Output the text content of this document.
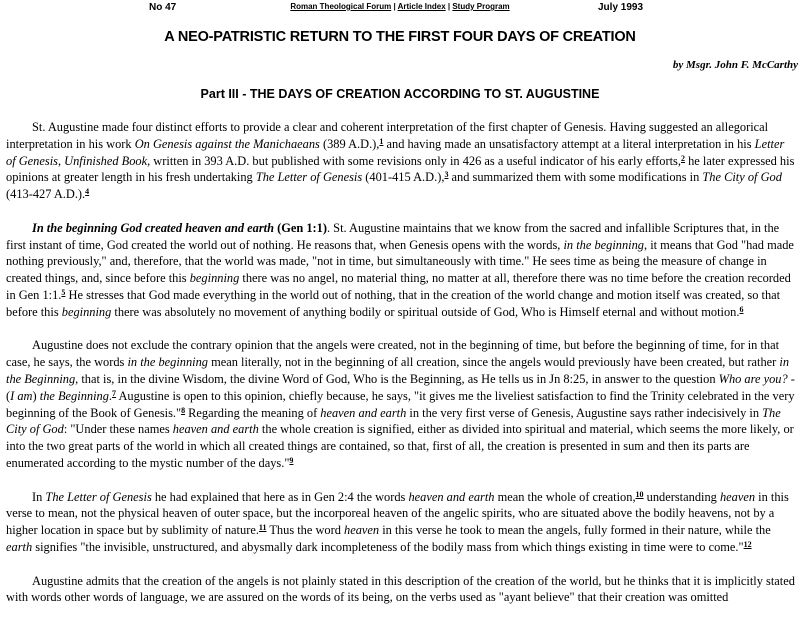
No 47	Roman Theological Forum | Article Index | Study Program	July 1993
A NEO-PATRISTIC RETURN TO THE FIRST FOUR DAYS OF CREATION
by Msgr. John F. McCarthy
Part III - THE DAYS OF CREATION ACCORDING TO ST. AUGUSTINE

St. Augustine made four distinct efforts to provide a clear and coherent interpretation of the first chapter of Genesis. Having suggested an allegorical interpretation in his work On Genesis against the Manichaeans (389 A.D.),$^1$ and having made an unsatisfactory attempt at a literal interpretation in his Letter of Genesis, Unfinished Book, written in 393 A.D. but published with some revisions only in 426 as a useful indicator of his early efforts,$^2$ he later expressed his opinions at greater length in his fresh undertaking The Letter of Genesis (401-415 A.D.),$^3$ and summarized them with some modifications in The City of God (413-427 A.D.).$^4$

In the beginning God created heaven and earth (Gen 1:1). St. Augustine maintains that we know from the sacred and infallible Scriptures that, in the first instant of time, God created the world out of nothing. He reasons that, when Genesis opens with the words, in the beginning, it means that God "had made nothing previously," and, therefore, that the world was made, "not in time, but simultaneously with time." He sees time as being the measure of change in created things, and, since before this beginning there was no angel, no material thing, no matter at all, therefore there was no time before the creation recorded in Gen 1:1.$^5$ He stresses that God made everything in the world out of nothing, that in the creation of the world change and motion itself was created, so that before this beginning there was absolutely no movement of anything bodily or spiritual outside of God, Who is Himself eternal and without motion.$^6$

Augustine does not exclude the contrary opinion that the angels were created, not in the beginning of time, but before the beginning of time, for in that case, he says, the words in the beginning mean literally, not in the beginning of all creation, since the angels would previously have been created, but rather in the Beginning, that is, in the divine Wisdom, the divine Word of God, Who is the Beginning, as He tells us in Jn 8:25, in answer to the question Who are you? - (I am) the Beginning.$^7$ Augustine is open to this opinion, chiefly because, he says, "it gives me the liveliest satisfaction to find the Trinity celebrated in the very beginning of the Book of Genesis."$^8$ Regarding the meaning of heaven and earth in the very first verse of Genesis, Augustine says rather indecisively in The City of God: "Under these names heaven and earth the whole creation is signified, either as divided into spiritual and material, which seems the more likely, or into the two great parts of the world in which all created things are contained, so that, first of all, the creation is presented in sum and then its parts are enumerated according to the mystic number of the days."$^9$

In The Letter of Genesis he had explained that here as in Gen 2:4 the words heaven and earth mean the whole of creation,$^{10}$ understanding heaven in this verse to mean, not the physical heaven of outer space, but the incorporeal heaven of the angelic spirits, who are situated above the bodily heavens, not by a higher location in space but by sublimity of nature.$^{11}$ Thus the word heaven in this verse he took to mean the angels, fully formed in their nature, while the earth signifies "the invisible, unstructured, and abysmally dark incompleteness of the bodily mass from which things existing in time were to come."$^{12}$

Augustine admits that the creation of the angels is not plainly stated in this description of the creation of the world, but he thinks that it is implicitly stated with words other words of language, we are assured on the words of its being, on the verbs used as "ayant believe" that their creation was omitted
